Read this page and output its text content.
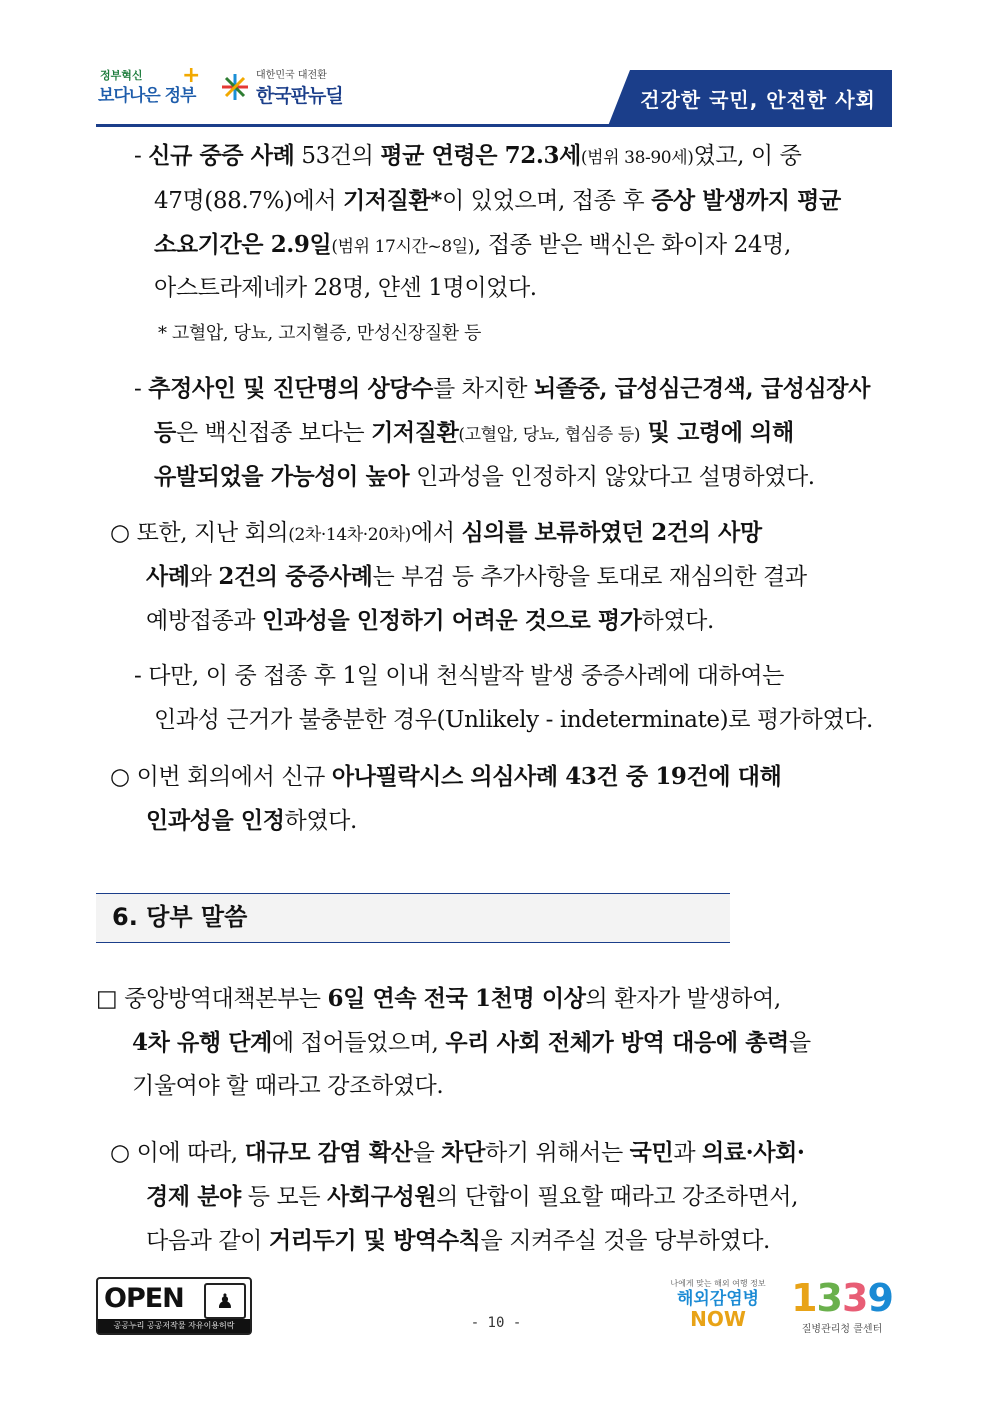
정부혁신
보다나은 정부
+	대한민국 대전환
한국판뉴딜	건강한 국민, 안전한 사회
- 신규 중증 사례 53건의 평균 연령은 72.3세(범위 38-90세)였고, 이 중
47명(88.7%)에서 기저질환*이 있었으며, 접종 후 증상 발생까지 평균
소요기간은 2.9일(범위 17시간~8일), 접종 받은 백신은 화이자 24명,
아스트라제네카 28명, 얀센 1명이었다.
* 고혈압, 당뇨, 고지혈증, 만성신장질환 등
- 추정사인 및 진단명의 상당수를 차지한 뇌졸중, 급성심근경색, 급성심장사
등은 백신접종 보다는 기저질환(고혈압, 당뇨, 협심증 등) 및 고령에 의해
유발되었을 가능성이 높아 인과성을 인정하지 않았다고 설명하였다.
○ 또한, 지난 회의(2차·14차·20차)에서 심의를 보류하였던 2건의 사망
사례와 2건의 중증사례는 부검 등 추가사항을 토대로 재심의한 결과
예방접종과 인과성을 인정하기 어려운 것으로 평가하였다.
- 다만, 이 중 접종 후 1일 이내 천식발작 발생 중증사례에 대하여는
인과성 근거가 불충분한 경우(Unlikely - indeterminate)로 평가하였다.
○ 이번 회의에서 신규 아나필락시스 의심사례 43건 중 19건에 대해
인과성을 인정하였다.
6. 당부 말씀
□ 중앙방역대책본부는 6일 연속 전국 1천명 이상의 환자가 발생하여,
4차 유행 단계에 접어들었으며, 우리 사회 전체가 방역 대응에 총력을
기울여야 할 때라고 강조하였다.
○ 이에 따라, 대규모 감염 확산을 차단하기 위해서는 국민과 의료·사회·
경제 분야 등 모든 사회구성원의 단합이 필요할 때라고 강조하면서,
다음과 같이 거리두기 및 방역수칙을 지켜주실 것을 당부하였다.
OPEN	♟
공공누리 공공저작물 자유이용허락	- 10 -
나에게 맞는 해외 여행 정보
해외감염병
NOW	1339
질병관리청 콜센터
